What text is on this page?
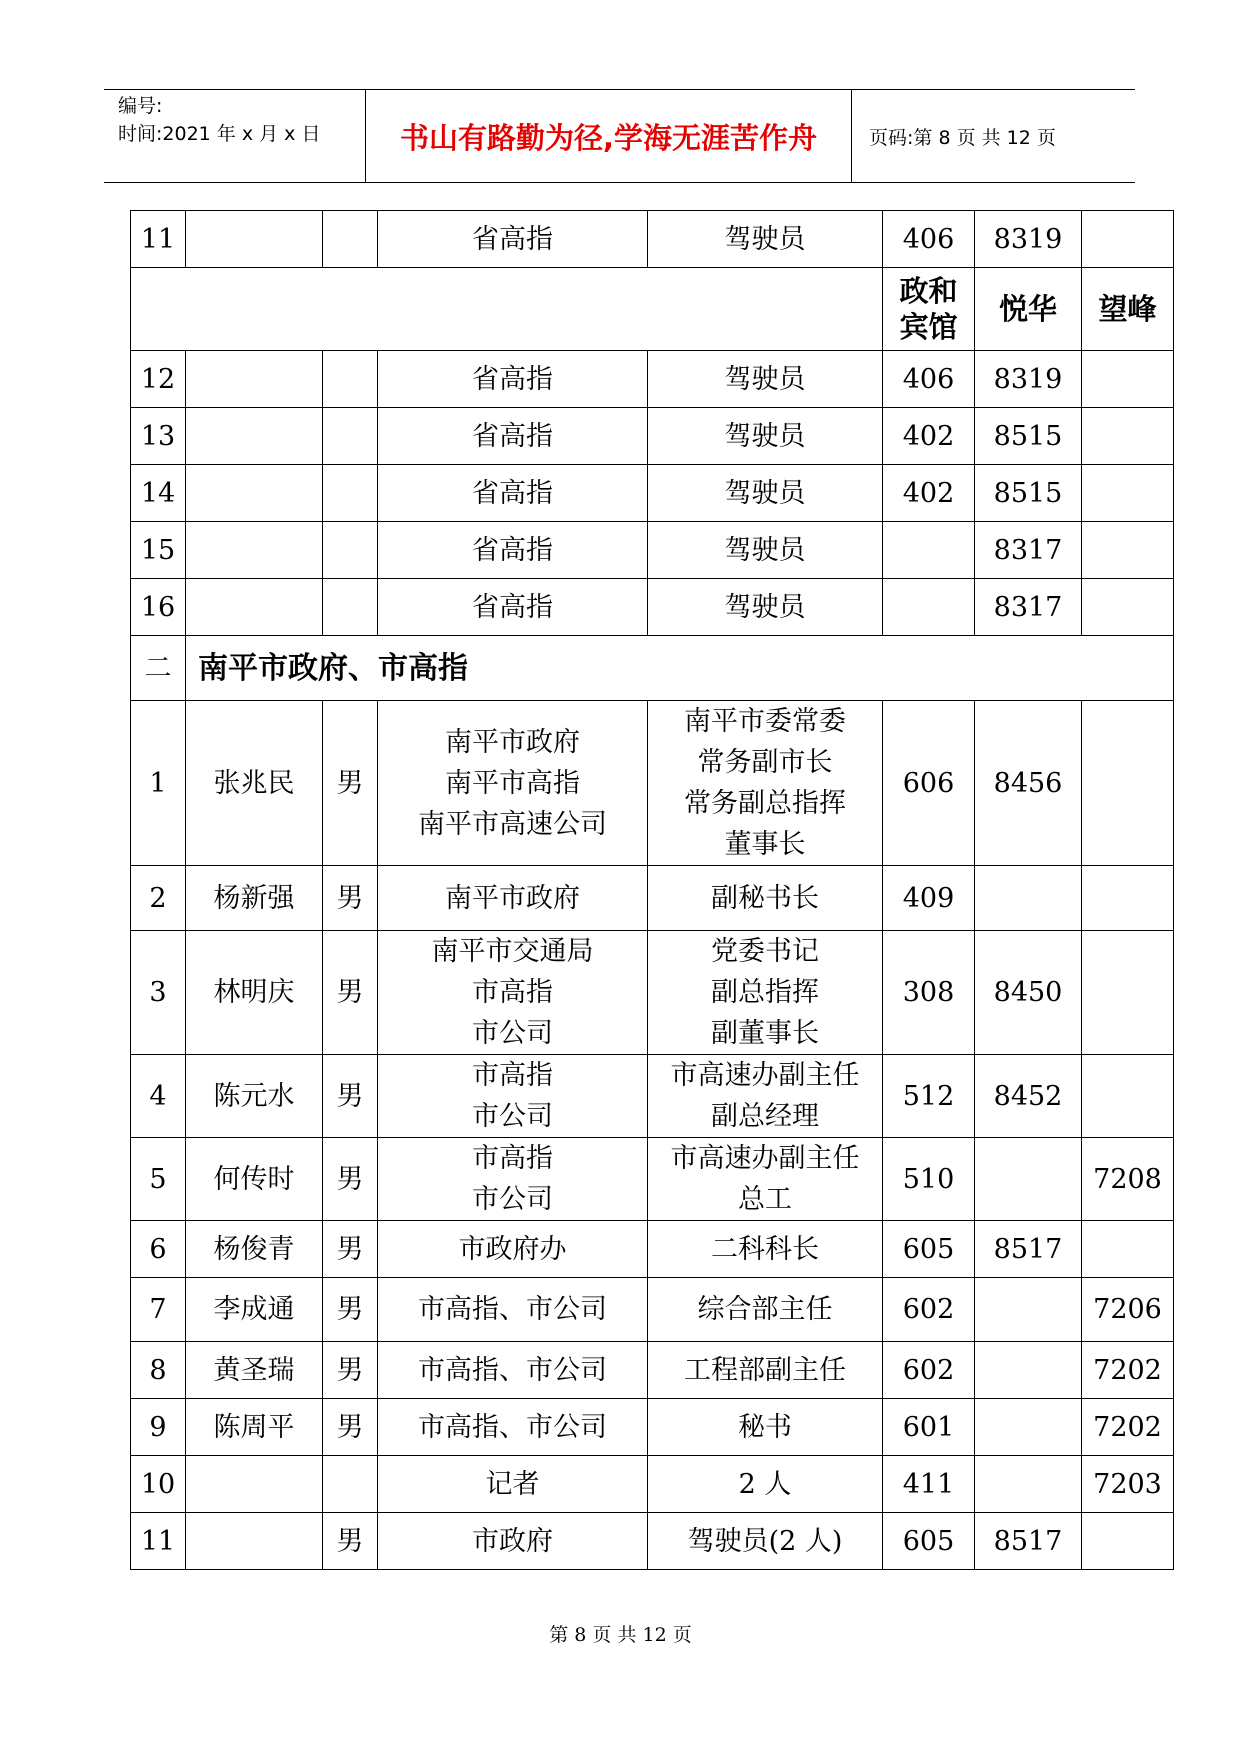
编号:
时间:2021 年 x 月 x 日	书山有路勤为径,学海无涯苦作舟	页码:第 8 页 共 12 页
11			省高指	驾驶员	406	8319	

					政和宾馆	悦华	望峰
12			省高指	驾驶员	406	8319	
13			省高指	驾驶员	402	8515	
14			省高指	驾驶员	402	8515	
15			省高指	驾驶员		8317	
16			省高指	驾驶员		8317	
二	南平市政府、市高指						
1	张兆民	男	南平市政府
南平市高指
南平市高速公司	南平市委常委
常务副市长
常务副总指挥
董事长	606	8456	
2	杨新强	男	南平市政府	副秘书长	409		
3	林明庆	男	南平市交通局
市高指
市公司	党委书记
副总指挥
副董事长	308	8450	
4	陈元水	男	市高指
市公司	市高速办副主任
副总经理	512	8452	
5	何传时	男	市高指
市公司	市高速办副主任
总工	510		7208
6	杨俊青	男	市政府办	二科科长	605	8517	
7	李成通	男	市高指、市公司	综合部主任	602		7206
8	黄圣瑞	男	市高指、市公司	工程部副主任	602		7202
9	陈周平	男	市高指、市公司	秘书	601		7202
10			记者	2 人	411		7203
11		男	市政府	驾驶员(2 人)	605	8517	
第 8 页 共 12 页
